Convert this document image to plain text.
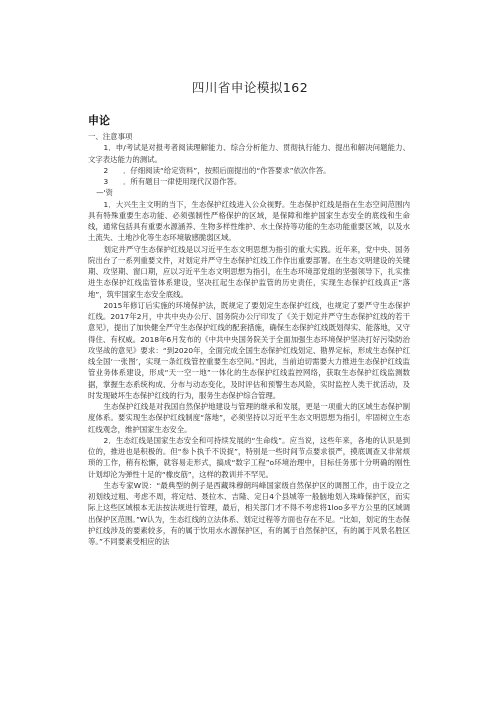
四川省申论模拟162
申论

一、注意事项

1．申/考试是对报考者阅读理解能力、综合分析能力、贯彻执行能力、提出和解决问题能力、文字表达能力的测试。

2　　．仔细阅读“给定资料”，按照后面提出的“作答要求”依次作答。

3　　．所有题目一律使用现代汉语作答。

—'资

1．大兴生主文明的当下，生态保护红线进入公众视野。生态保护红线是指在生态空间范围内具有特殊重要生态功能、必须强制性严格保护的区域，是保障和维护国家生态安全的底线和生命线，通常包括具有重要水源涵养、生物多样性维护、水土保持等功能的生态功能重要区域，以及水土流失、土地沙化等生态环境敏感脆弱区域。

划定并严守生态保护红线是以习近平生态文明思想为指引的重大实践。近年来，党中央、国务院出台了一系列重要文件，对划定并严守生态保护红线工作作出重要部署。在生态文明建设的关键期、攻坚期、窗口期，应以习近平生态文明思想为指引，在生态环境部党组的坚强领导下，扎实推进生态保护红线监管体系建设，坚决扛起生态保护监管的历史责任，实现生态保护红线真正“落地”，筑牢国家生态安全底线。

2015年修订后实施的环境保护法，既规定了要划定生态保护红线，也规定了要严守生态保护红线。2017年2月，中共中央办公厅、国务院办公厅印发了《关于划定并严守生态保护红线的若干意见》，提出了加快健全严守生态保护红线的配套措施，确保生态保护红线既划得实、能落地，又守得住、有权威。2018年6月发布的《中共中央国务院关于全面加强生态环境保护坚决打好污染防治攻坚战的意见》要求：“到2020年，全面完成全国生态保护红线划定、勘界定标，形成生态保护红线全国‘一张图’，实现一条红线管控重要生态空间。”因此，当前迫切需要大力推进生态保护红线监管业务体系建设，形成“天一空一地”一体化的生态保护红线监控网络，获取生态保护红线监测数据，掌握生态系统构成、分布与动态变化，及时评估和预警生态风险，实时监控人类干扰活动，及时发现破坏生态保护红线的行为，服务生态保护综合管理。

生态保护红线是对我国自然保护地建设与管理的继承和发展，更是一项重大的区域生态保护制度体系。要实现生态保护红线制度“落地”，必须坚持以习近平生态文明思想为指引，牢固树立生态红线观念，维护国家生态安全。

2．生态红线是国家生态安全和可持续发展的“生命线”。应当说，这些年来，各地的认识是到位的，推进也是积极的。但“参卜执千不说捉”，特别是一些时间节点要求很严，摸底调查又非常烦琐的工作，稍有松懈，就容易走形式，搞成“数字工程”o环境治理中，目标任务那十分明确的刚性计划却沦为弹性十足的“橡皮筋”，这样的教训并不罕见。

生态专家W说：“最典型的例子是西藏珠穆朗玛峰国家级自然保护区的调图工作，由于设立之初划线过粗、考虑不周，将定结、聂拉木、吉隆、定日4个县城等一般脑地划入珠峰保护区，而实际上这些区域根本无法按法规进行管理，最后，相关部门才不得不考虑将1loo多平方公里的区域调出保护区范围。”W认为，生态红线的立法体系、划定过程等方面也存在不足。“比如，划定的生态保护红线涉及的要素较多，有的属于饮用水水源保护区，有的属于自然保护区，有的属于风景名胜区等。”不同要素受相应的法
